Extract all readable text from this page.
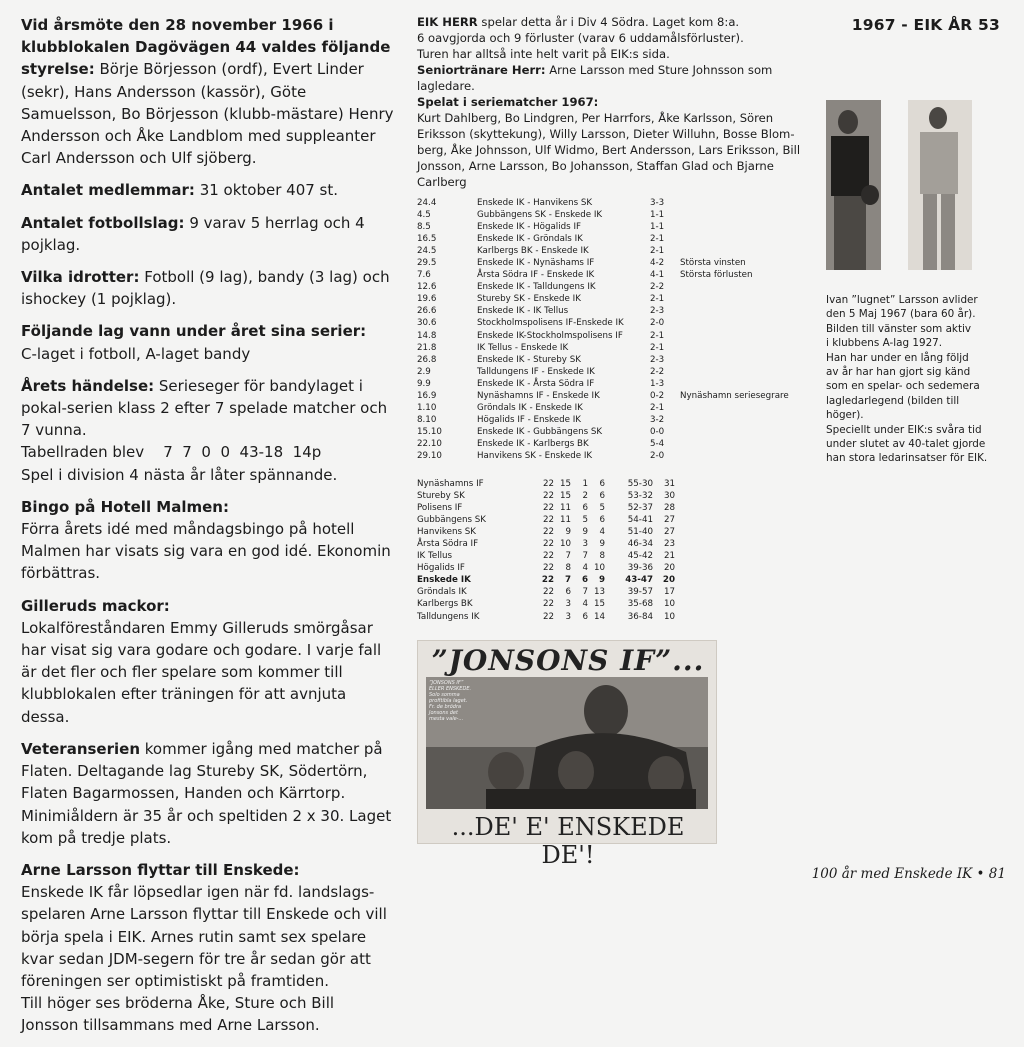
1967 - EIK ÅR 53

Vid årsmöte den 28 november 1966 i klubblokalen Dagövägen 44 valdes följande styrelse: Börje Börjesson (ordf), Evert Linder (sekr), Hans Andersson (kassör), Göte Samuelsson, Bo Börjesson (klubb-mästare) Henry Andersson och Åke Landblom med suppleanter Carl Andersson och Ulf sjöberg.

Antalet medlemmar: 31 oktober 407 st.

Antalet fotbollslag: 9 varav 5 herrlag och 4 pojklag.

Vilka idrotter: Fotboll (9 lag), bandy (3 lag) och ishockey (1 pojklag).

Följande lag vann under året sina serier:
C-laget i fotboll, A-laget bandy

Årets händelse: Serieseger för bandylaget i pokal-serien klass 2 efter 7 spelade matcher och 7 vunna.
Tabellraden blev    7  7  0  0  43-18  14p
Spel i division 4 nästa år låter spännande.

Bingo på Hotell Malmen:
Förra årets idé med måndagsbingo på hotell Malmen har visats sig vara en god idé. Ekonomin förbättras.

Gilleruds mackor:
Lokalföreståndaren Emmy Gilleruds smörgåsar har visat sig vara godare och godare. I varje fall är det fler och fler spelare som kommer till klubblokalen efter träningen för att avnjuta dessa.

Veteranserien kommer igång med matcher på Flaten. Deltagande lag Stureby SK, Södertörn, Flaten Bagarmossen, Handen och Kärrtorp. Minimiåldern är 35 år och speltiden 2 x 30. Laget kom på tredje plats.

Arne Larsson flyttar till Enskede:
Enskede IK får löpsedlar igen när fd. landslags-spelaren Arne Larsson flyttar till Enskede och vill börja spela i EIK. Arnes rutin samt sex spelare kvar sedan JDM-segern för tre år sedan gör att föreningen ser optimistiskt på framtiden.
Till höger ses bröderna Åke, Sture och Bill Jonsson tillsammans med Arne Larsson.

EIK HERR spelar detta år i Div 4 Södra. Laget kom 8:a.

6 oavgjorda och 9 förluster (varav 6 uddamålsförluster).

Turen har alltså inte helt varit på EIK:s sida.

Seniortränare Herr: Arne Larsson med Sture Johnsson som

lagledare.

Spelat i seriematcher 1967:

Kurt Dahlberg, Bo Lindgren, Per Harrfors, Åke Karlsson, Sören Eriksson (skyttekung), Willy Larsson, Dieter Willuhn, Bosse Blom-berg, Åke Johnsson, Ulf Widmo, Bert Andersson, Lars Eriksson, Bill Jonsson, Arne Larsson, Bo Johansson, Staffan Glad och Bjarne Carlberg

24.4	Enskede IK - Hanvikens SK	3-3	
4.5	Gubbängens SK - Enskede IK	1-1	
8.5	Enskede IK - Högalids IF	1-1	
16.5	Enskede IK - Gröndals IK	2-1	
24.5	Karlbergs BK - Enskede IK	2-1	
29.5	Enskede IK - Nynäshams IF	4-2	Största vinsten
7.6	Årsta Södra IF - Enskede IK	4-1	Största förlusten
12.6	Enskede IK - Talldungens IK	2-2	
19.6	Stureby SK - Enskede IK	2-1	
26.6	Enskede IK - IK Tellus	2-3	
30.6	Stockholmspolisens IF-Enskede IK	2-0	
14.8	Enskede IK-Stockholmspolisens IF	2-1	
21.8	IK Tellus - Enskede IK	2-1	
26.8	Enskede IK - Stureby SK	2-3	
2.9	Talldungens IF - Enskede IK	2-2	
9.9	Enskede IK - Årsta Södra IF	1-3	
16.9	Nynäshamns IF - Enskede IK	0-2	Nynäshamn seriesegrare
1.10	Gröndals IK - Enskede IK	2-1	
8.10	Högalids IF - Enskede IK	3-2	
15.10	Enskede IK - Gubbängens SK	0-0	
22.10	Enskede IK - Karlbergs BK	5-4	
29.10	Hanvikens SK - Enskede IK	2-0	
Nynäshamns IF	22	15	1	6	55-30	31
Stureby SK	22	15	2	6	53-32	30
Polisens IF	22	11	6	5	52-37	28
Gubbängens SK	22	11	5	6	54-41	27
Hanvikens SK	22	9	9	4	51-40	27
Årsta Södra IF	22	10	3	9	46-34	23
IK Tellus	22	7	7	8	45-42	21
Högalids IF	22	8	4	10	39-36	20
Enskede IK	22	7	6	9	43-47	20
Gröndals IK	22	6	7	13	39-57	17
Karlbergs BK	22	3	4	15	35-68	10
Talldungens IK	22	3	6	14	36-84	10
”JONSONS IF”...
”JONSONS IF” ELLER ENSKEDE. Solo somma profitibla laget. Fr. de brödra Jonsons det mesta vale-...
...DE' E' ENSKEDE DE'!
Ivan ”lugnet” Larsson avlider
den 5 Maj 1967 (bara 60 år).
Bilden till vänster som aktiv
i klubbens A-lag 1927.
Han har under en lång följd
av år har han gjort sig känd
som en spelar- och sedemera
lagledarlegend (bilden till
höger).
Speciellt under EIK:s svåra tid
under slutet av 40-talet gjorde
han stora ledarinsatser för EIK.
100 år med Enskede IK • 81
